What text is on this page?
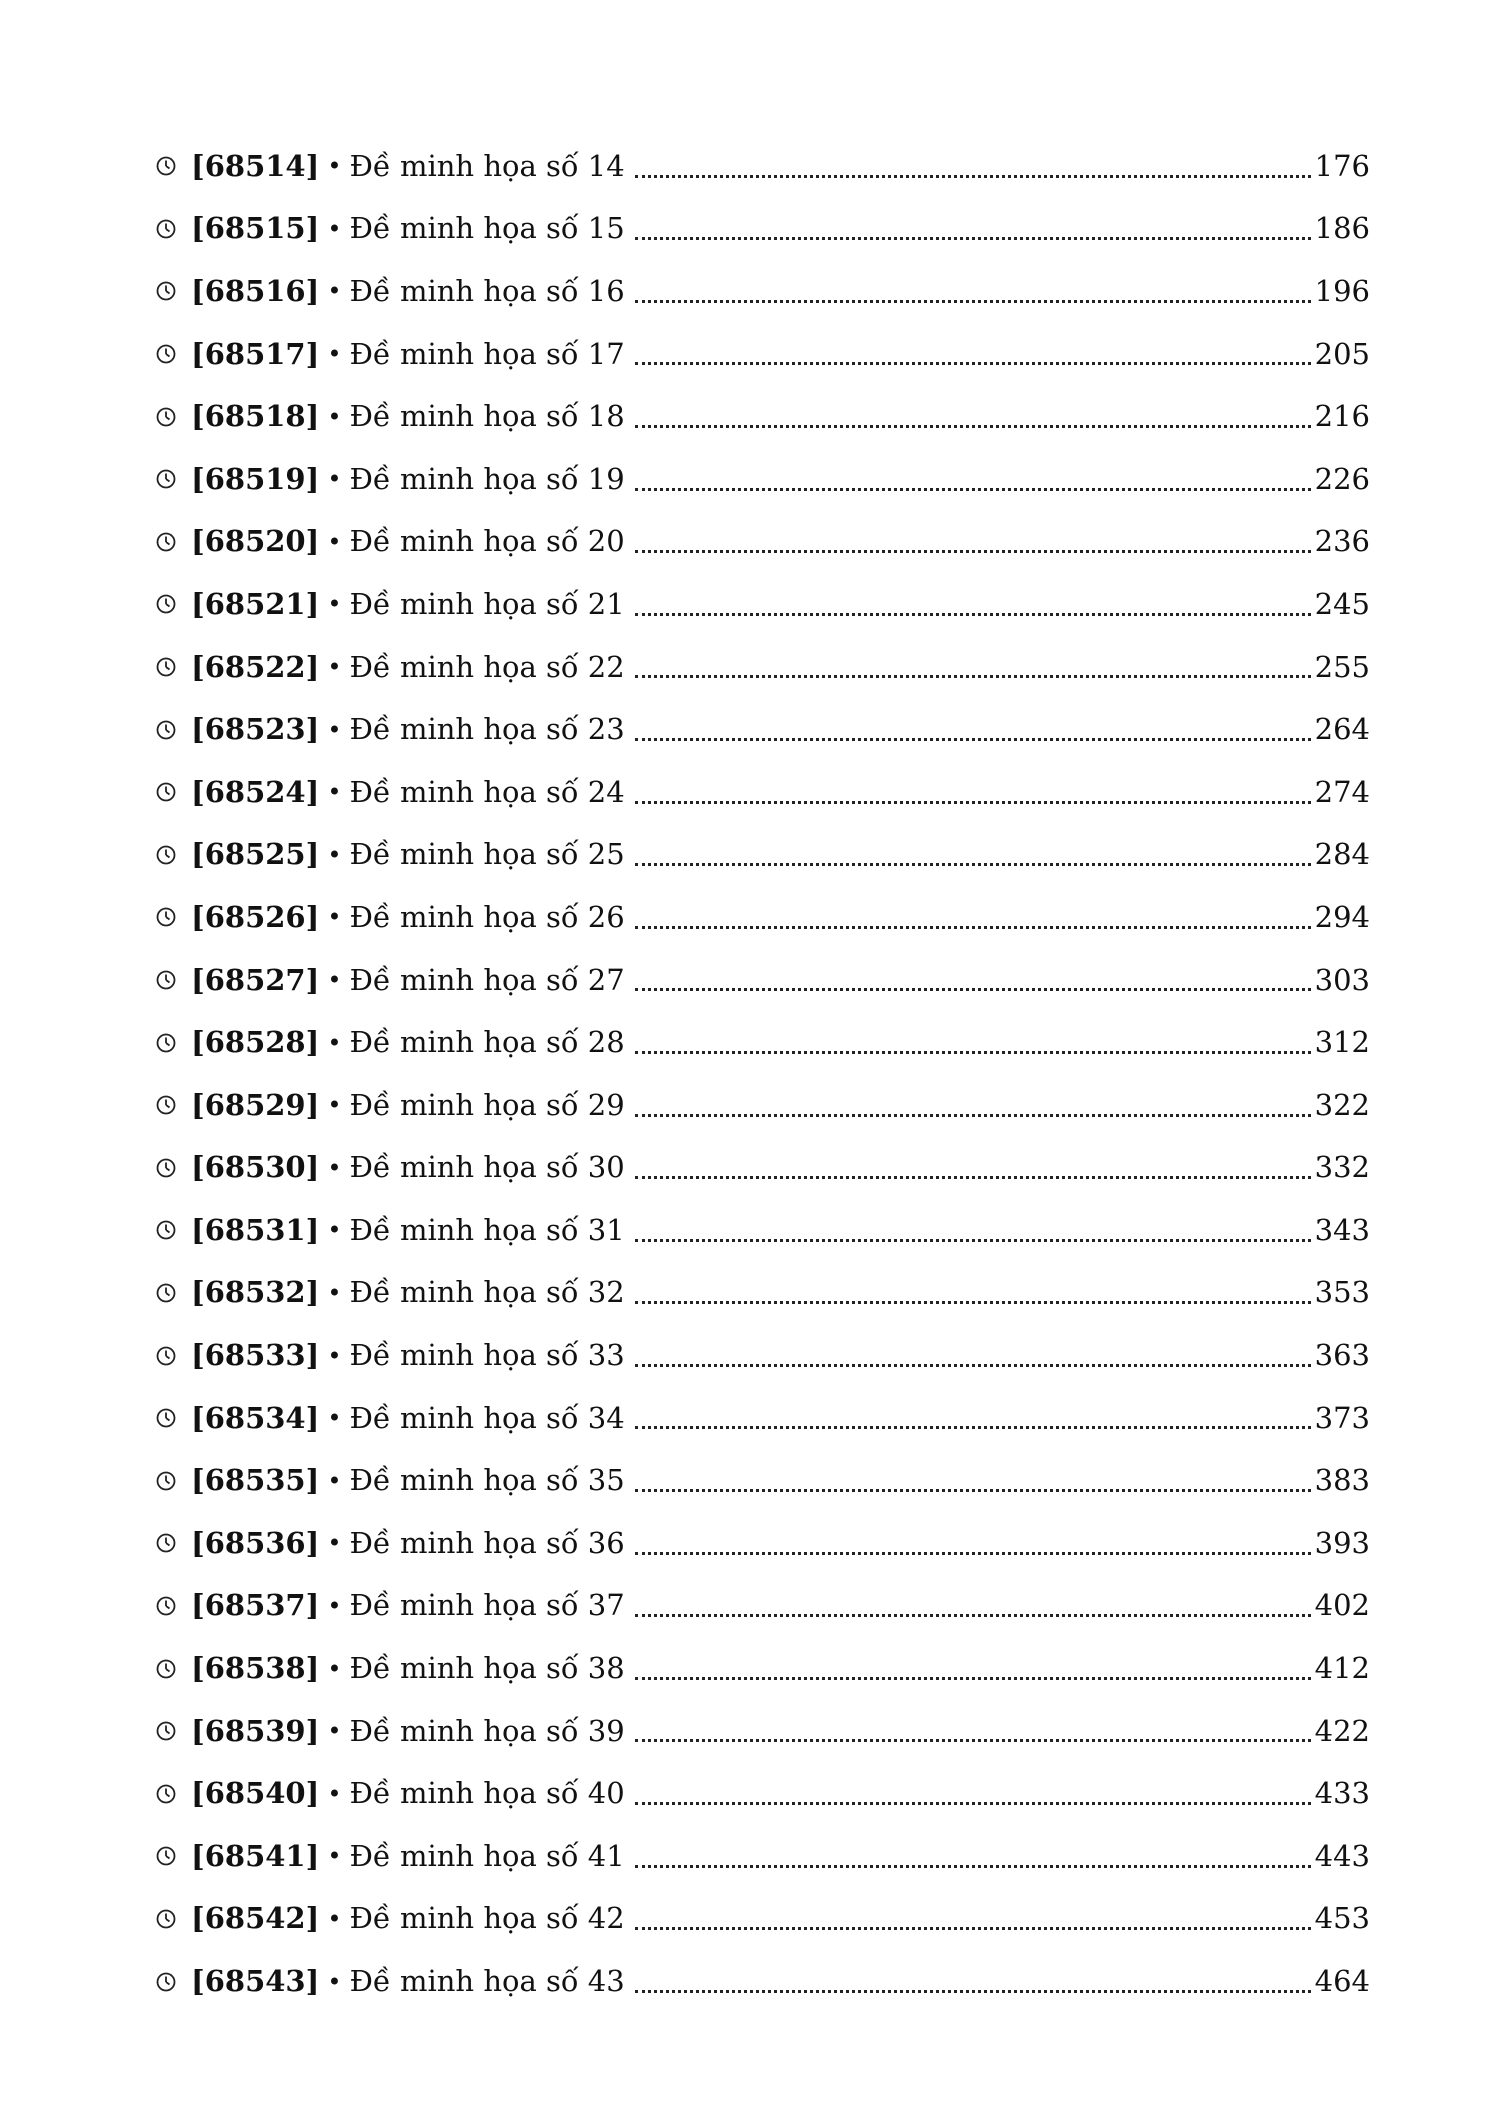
[68514] • Đề minh họa số 14	176
[68515] • Đề minh họa số 15	186
[68516] • Đề minh họa số 16	196
[68517] • Đề minh họa số 17	205
[68518] • Đề minh họa số 18	216
[68519] • Đề minh họa số 19	226
[68520] • Đề minh họa số 20	236
[68521] • Đề minh họa số 21	245
[68522] • Đề minh họa số 22	255
[68523] • Đề minh họa số 23	264
[68524] • Đề minh họa số 24	274
[68525] • Đề minh họa số 25	284
[68526] • Đề minh họa số 26	294
[68527] • Đề minh họa số 27	303
[68528] • Đề minh họa số 28	312
[68529] • Đề minh họa số 29	322
[68530] • Đề minh họa số 30	332
[68531] • Đề minh họa số 31	343
[68532] • Đề minh họa số 32	353
[68533] • Đề minh họa số 33	363
[68534] • Đề minh họa số 34	373
[68535] • Đề minh họa số 35	383
[68536] • Đề minh họa số 36	393
[68537] • Đề minh họa số 37	402
[68538] • Đề minh họa số 38	412
[68539] • Đề minh họa số 39	422
[68540] • Đề minh họa số 40	433
[68541] • Đề minh họa số 41	443
[68542] • Đề minh họa số 42	453
[68543] • Đề minh họa số 43	464
